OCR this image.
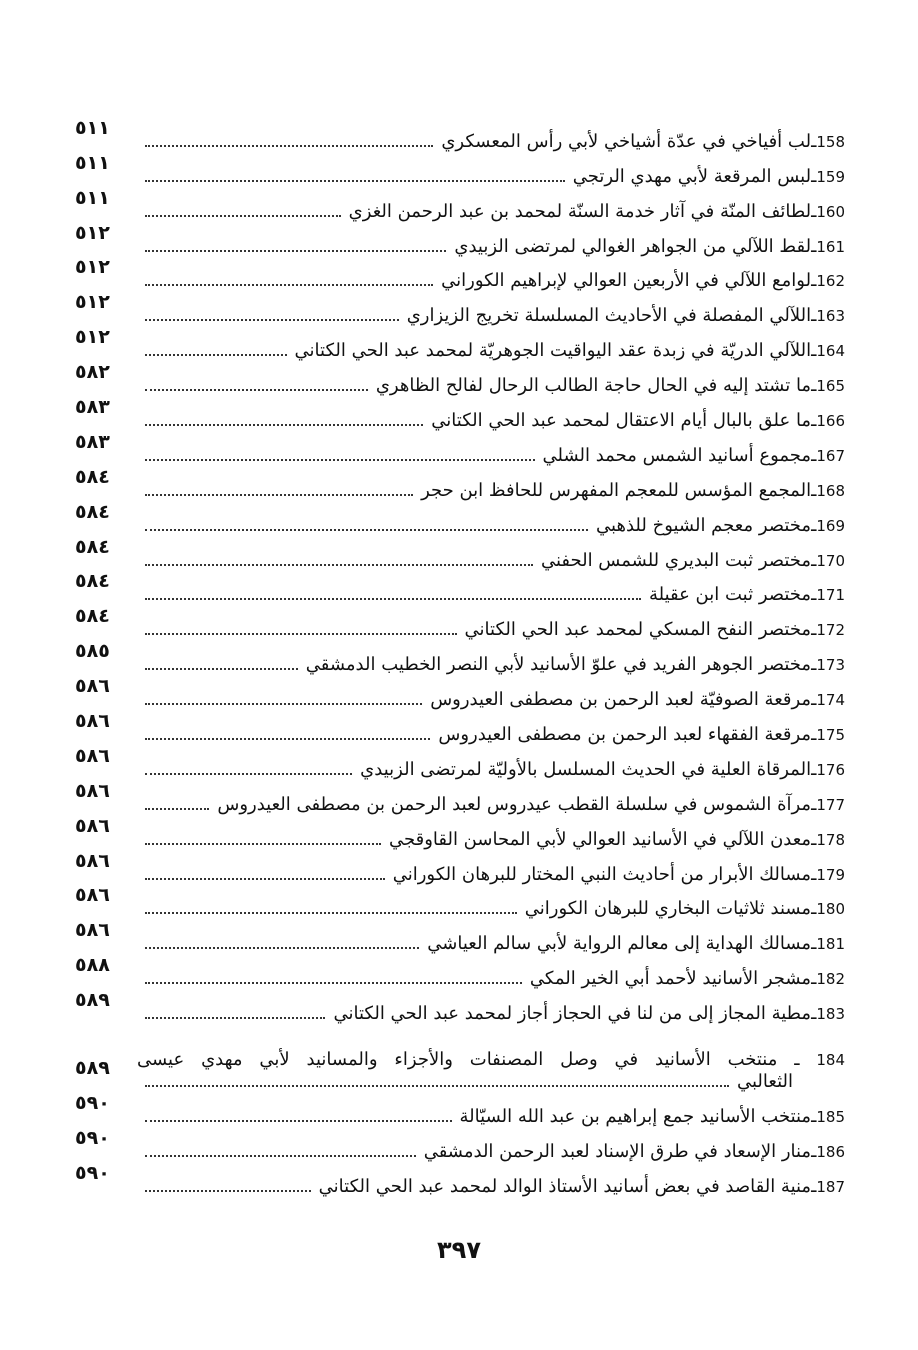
158
ـ
لب أفياخي في عدّة أشياخي لأبي رأس المعسكري
٥١١
159
ـ
لبس المرقعة لأبي مهدي الرتجي
٥١١
160
ـ
لطائف المنّة في آثار خدمة السنّة لمحمد بن عبد الرحمن الغزي
٥١١
161
ـ
لقط اللآلي من الجواهر الغوالي لمرتضى الزبيدي
٥١٢
162
ـ
لوامع اللآلي في الأربعين العوالي لإبراهيم الكوراني
٥١٢
163
ـ
اللآلي المفصلة في الأحاديث المسلسلة تخريج الزيزاري
٥١٢
164
ـ
اللآلي الدريّة في زبدة عقد اليواقيت الجوهريّة لمحمد عبد الحي الكتاني
٥١٢
165
ـ
ما تشتد إليه في الحال حاجة الطالب الرحال لفالح الظاهري
٥٨٢
166
ـ
ما علق بالبال أيام الاعتقال لمحمد عبد الحي الكتاني
٥٨٣
167
ـ
مجموع أسانيد الشمس محمد الشلي
٥٨٣
168
ـ
المجمع المؤسس للمعجم المفهرس للحافظ ابن حجر
٥٨٤
169
ـ
مختصر معجم الشيوخ للذهبي
٥٨٤
170
ـ
مختصر ثبت البديري للشمس الحفني
٥٨٤
171
ـ
مختصر ثبت ابن عقيلة
٥٨٤
172
ـ
مختصر النفح المسكي لمحمد عبد الحي الكتاني
٥٨٤
173
ـ
مختصر الجوهر الفريد في علوّ الأسانيد لأبي النصر الخطيب الدمشقي
٥٨٥
174
ـ
مرقعة الصوفيّة لعبد الرحمن بن مصطفى العيدروس
٥٨٦
175
ـ
مرقعة الفقهاء لعبد الرحمن بن مصطفى العيدروس
٥٨٦
176
ـ
المرقاة العلية في الحديث المسلسل بالأوليّة لمرتضى الزبيدي
٥٨٦
177
ـ
مرآة الشموس في سلسلة القطب عيدروس لعبد الرحمن بن مصطفى العيدروس
٥٨٦
178
ـ
معدن اللآلي في الأسانيد العوالي لأبي المحاسن القاوقجي
٥٨٦
179
ـ
مسالك الأبرار من أحاديث النبي المختار للبرهان الكوراني
٥٨٦
180
ـ
مسند ثلاثيات البخاري للبرهان الكوراني
٥٨٦
181
ـ
مسالك الهداية إلى معالم الرواية لأبي سالم العياشي
٥٨٦
182
ـ
مشجر الأسانيد لأحمد أبي الخير المكي
٥٨٨
183
ـ
مطية المجاز إلى من لنا في الحجاز أجاز لمحمد عبد الحي الكتاني
٥٨٩
184 ـ منتخب الأسانيد في وصل المصنفات والأجزاء والمسانيد لأبي مهدي عيسى
الثعالبي
٥٨٩
185
ـ
منتخب الأسانيد جمع إبراهيم بن عبد الله السيّالة
٥٩٠
186
ـ
منار الإسعاد في طرق الإسناد لعبد الرحمن الدمشقي
٥٩٠
187
ـ
منية القاصد في بعض أسانيد الأستاذ الوالد لمحمد عبد الحي الكتاني
٥٩٠
٣٩٧
